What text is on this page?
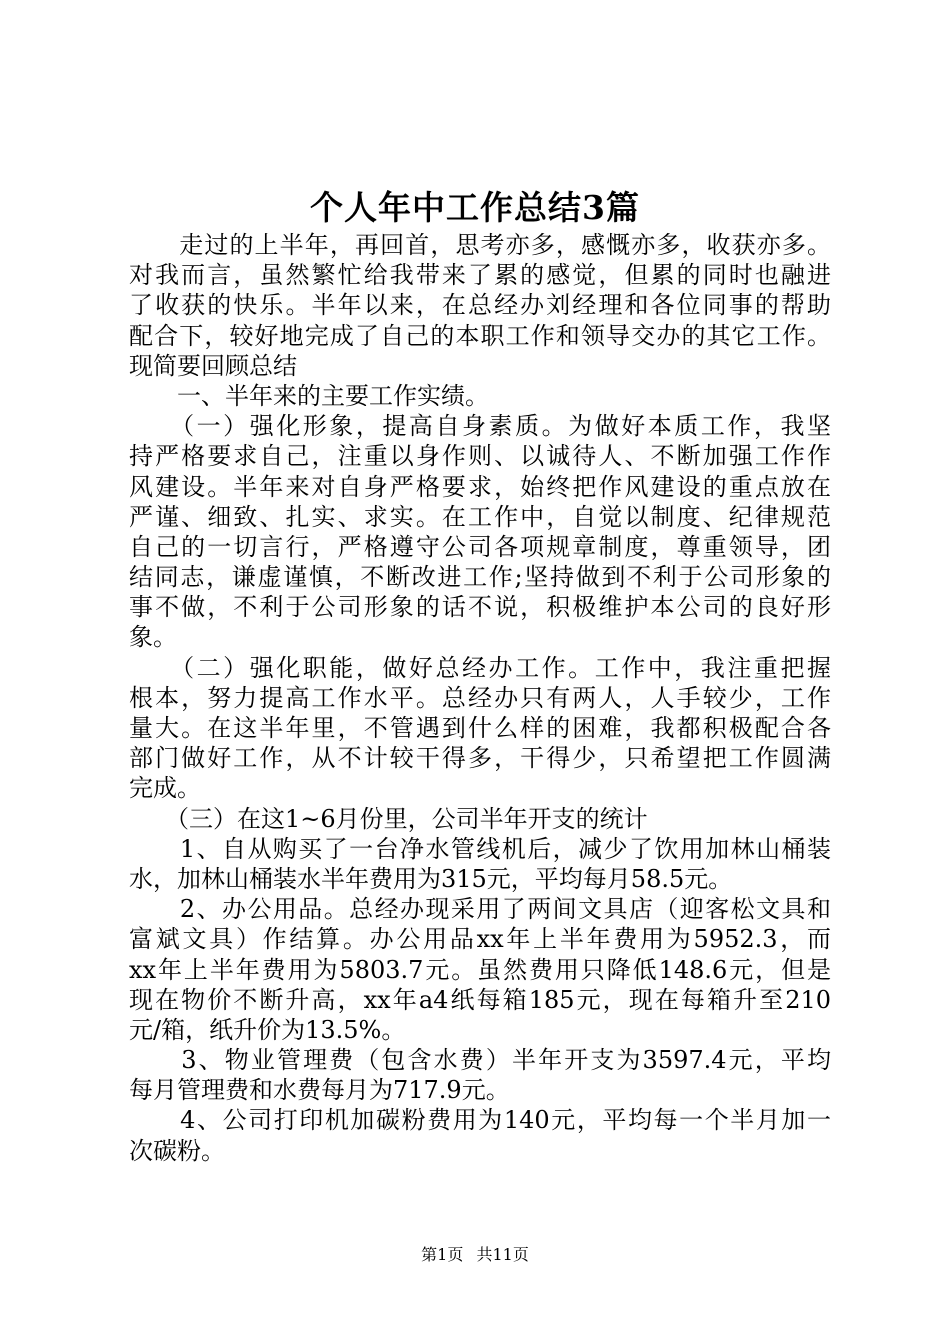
个人年中工作总结3篇
　　走过的上半年，再回首，思考亦多，感慨亦多，收获亦多。
对我而言，虽然繁忙给我带来了累的感觉，但累的同时也融进
了收获的快乐。半年以来，在总经办刘经理和各位同事的帮助
配合下，较好地完成了自己的本职工作和领导交办的其它工作。
现简要回顾总结
　　一、半年来的主要工作实绩。
　　（一）强化形象，提高自身素质。为做好本质工作，我坚
持严格要求自己，注重以身作则、以诚待人、不断加强工作作
风建设。半年来对自身严格要求，始终把作风建设的重点放在
严谨、细致、扎实、求实。在工作中，自觉以制度、纪律规范
自己的一切言行，严格遵守公司各项规章制度，尊重领导，团
结同志，谦虚谨慎，不断改进工作;坚持做到不利于公司形象的
事不做，不利于公司形象的话不说，积极维护本公司的良好形
象。
　　（二）强化职能，做好总经办工作。工作中，我注重把握
根本，努力提高工作水平。总经办只有两人，人手较少，工作
量大。在这半年里，不管遇到什么样的困难，我都积极配合各
部门做好工作，从不计较干得多，干得少，只希望把工作圆满
完成。
　　（三）在这1~6月份里，公司半年开支的统计
　　1、自从购买了一台净水管线机后，减少了饮用加林山桶装
水，加林山桶装水半年费用为315元，平均每月58.5元。
　　2、办公用品。总经办现采用了两间文具店（迎客松文具和
富斌文具）作结算。办公用品xx年上半年费用为5952.3，而
xx年上半年费用为5803.7元。虽然费用只降低148.6元，但是
现在物价不断升高，xx年a4纸每箱185元，现在每箱升至210
元/箱，纸升价为13.5%。
　　3、物业管理费（包含水费）半年开支为3597.4元，平均
每月管理费和水费每月为717.9元。
　　4、公司打印机加碳粉费用为140元，平均每一个半月加一
次碳粉。
第1页 共11页
